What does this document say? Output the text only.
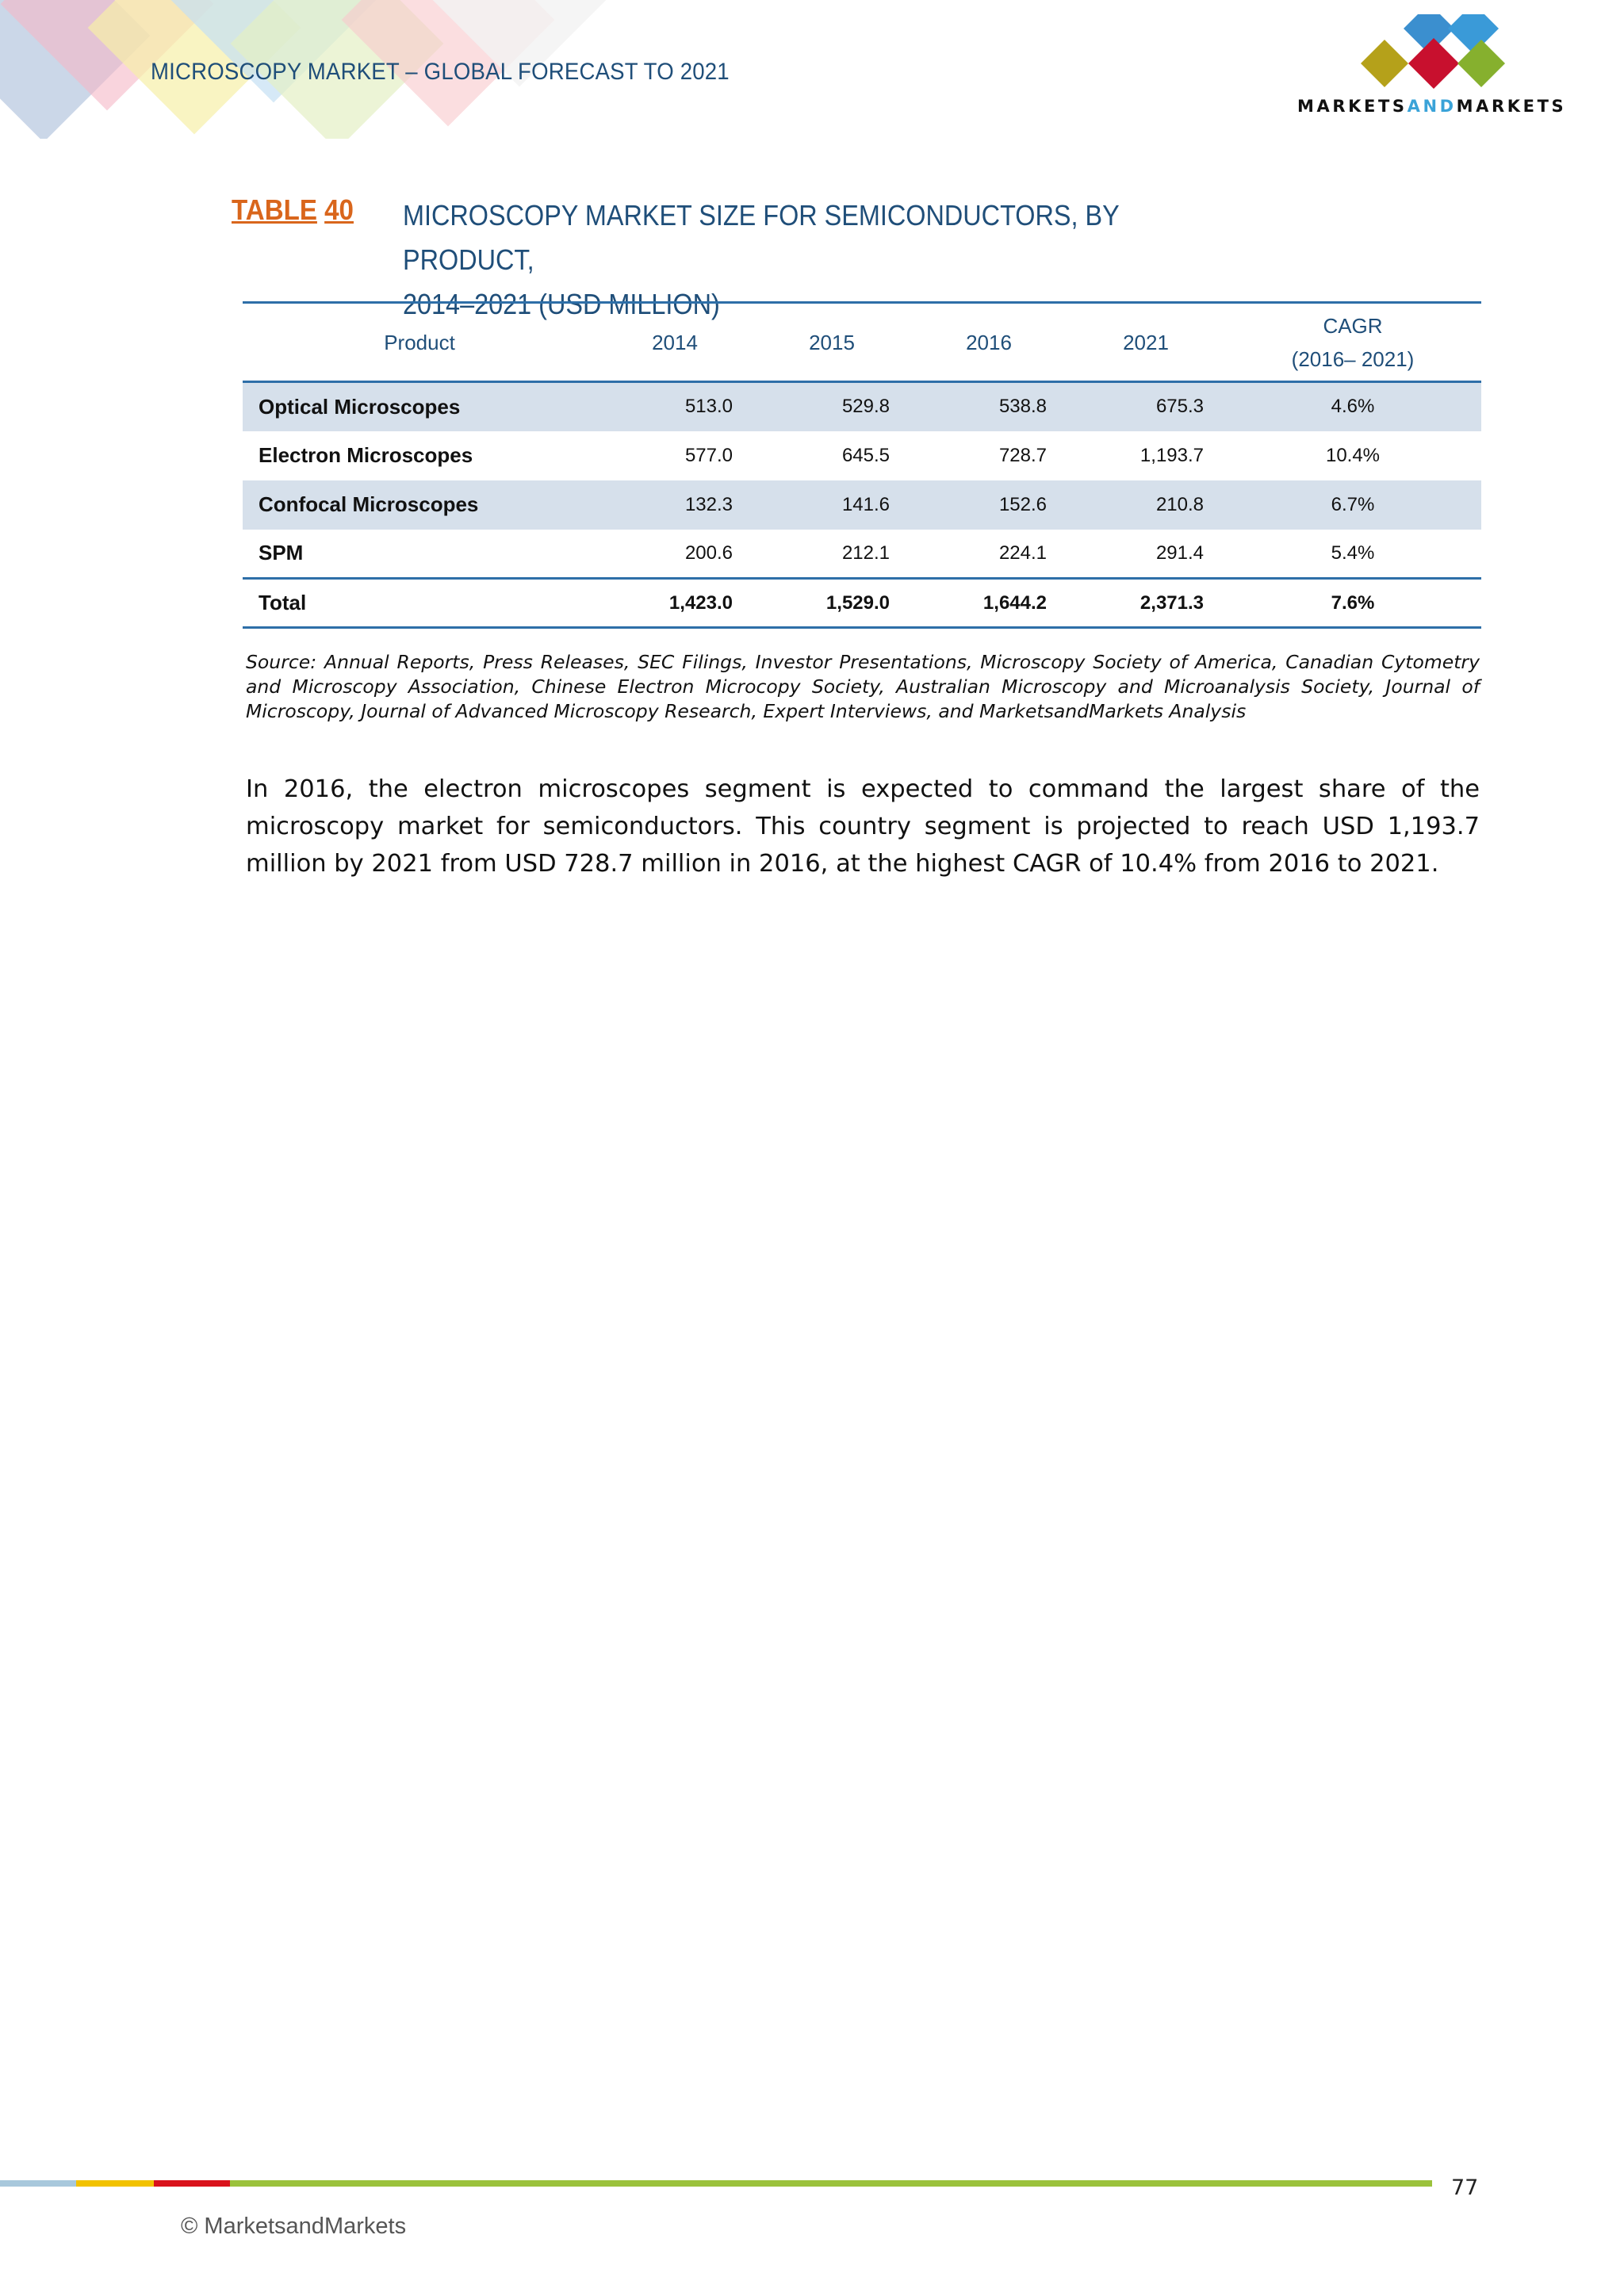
MICROSCOPY MARKET – GLOBAL FORECAST TO 2021
MARKETSANDMARKETS
TABLE 40 MICROSCOPY MARKET SIZE FOR SEMICONDUCTORS, BY PRODUCT,
2014–2021 (USD MILLION)
Product	2014	2015	2016	2021	CAGR
(2016– 2021)

Optical Microscopes	513.0	529.8	538.8	675.3	4.6%
Electron Microscopes	577.0	645.5	728.7	1,193.7	10.4%
Confocal Microscopes	132.3	141.6	152.6	210.8	6.7%
SPM	200.6	212.1	224.1	291.4	5.4%
Total	1,423.0	1,529.0	1,644.2	2,371.3	7.6%
Source: Annual Reports, Press Releases, SEC Filings, Investor Presentations, Microscopy Society of America, Canadian Cytometry and Microscopy Association, Chinese Electron Microcopy Society, Australian Microscopy and Microanalysis Society, Journal of Microscopy, Journal of Advanced Microscopy Research, Expert Interviews, and MarketsandMarkets Analysis
In 2016, the electron microscopes segment is expected to command the largest share of the microscopy market for semiconductors. This country segment is projected to reach USD 1,193.7 million by 2021 from USD 728.7 million in 2016, at the highest CAGR of 10.4% from 2016 to 2021.
77
© MarketsandMarkets
